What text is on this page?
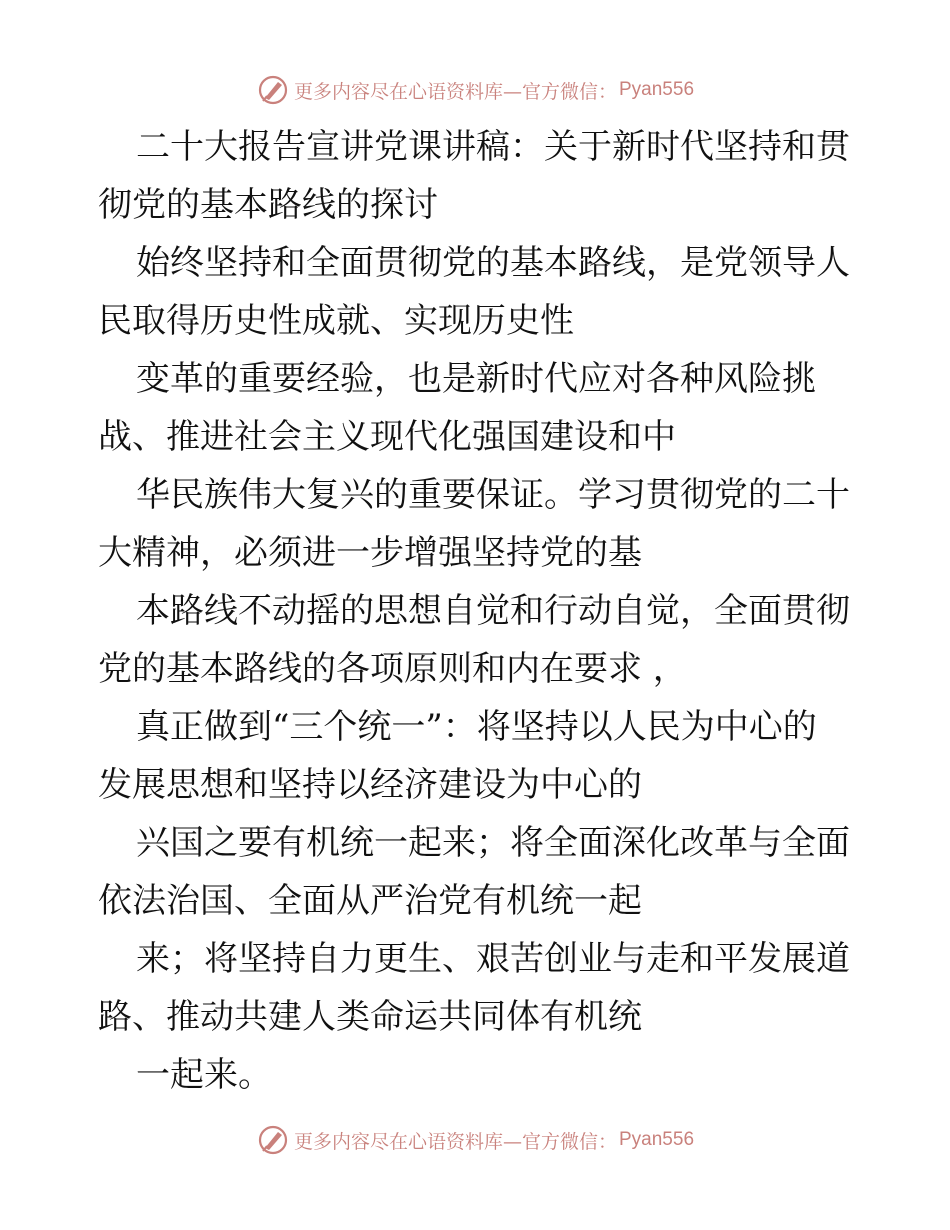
更多内容尽在心语资料库—官方微信： Pyan556
二十大报告宣讲党课讲稿：关于新时代坚持和贯
彻党的基本路线的探讨
始终坚持和全面贯彻党的基本路线，是党领导人
民取得历史性成就、实现历史性
变革的重要经验，也是新时代应对各种风险挑
战、推进社会主义现代化强国建设和中
华民族伟大复兴的重要保证。学习贯彻党的二十
大精神，必须进一步增强坚持党的基
本路线不动摇的思想自觉和行动自觉，全面贯彻
党的基本路线的各项原则和内在要求 ，
真正做到“三个统一”：将坚持以人民为中心的
发展思想和坚持以经济建设为中心的
兴国之要有机统一起来；将全面深化改革与全面
依法治国、全面从严治党有机统一起
来；将坚持自力更生、艰苦创业与走和平发展道
路、推动共建人类命运共同体有机统
一起来。
更多内容尽在心语资料库—官方微信： Pyan556
